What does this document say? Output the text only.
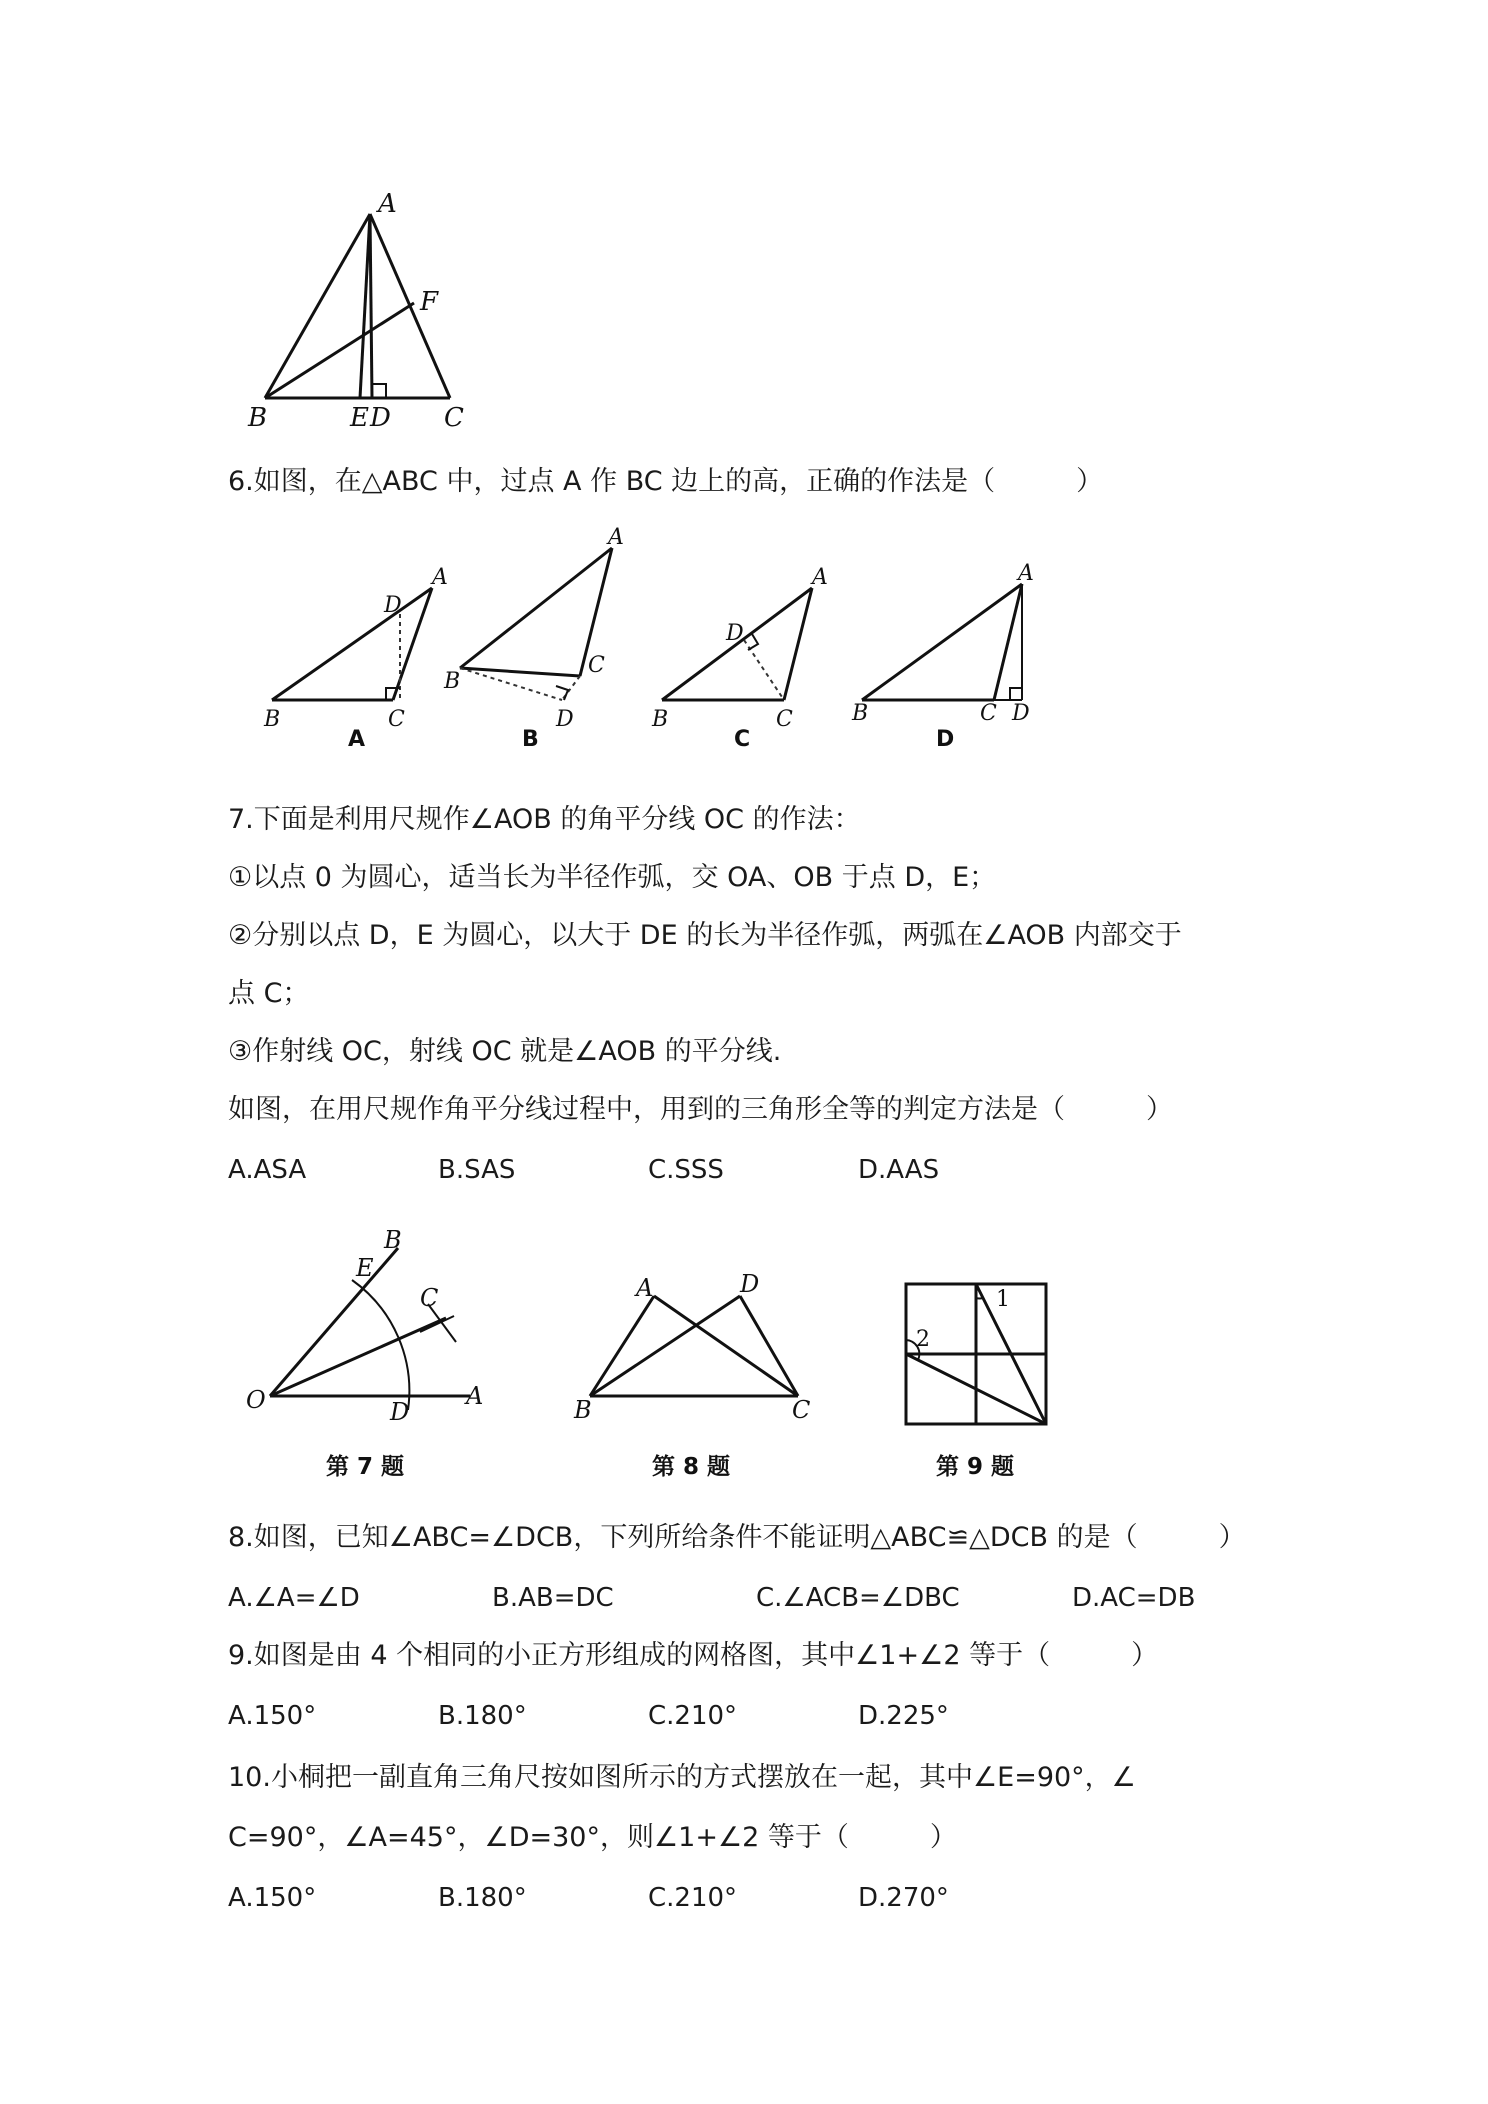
A
F
B	E D C
6.如图，在△ABC 中，过点 A 作 BC 边上的高，正确的作法是（　　　）
A
D
B	C
A
A
B
C
D
B
A
D
B	C
C
A
B	C D
D
7.下面是利用尺规作∠AOB 的角平分线 OC 的作法：
①以点 0 为圆心，适当长为半径作弧，交 OA、OB 于点 D，E；
②分别以点 D，E 为圆心，以大于 DE 的长为半径作弧，两弧在∠AOB 内部交于
点 C；
③作射线 OC，射线 OC 就是∠AOB 的平分线.
如图，在用尺规作角平分线过程中，用到的三角形全等的判定方法是（　　　）
A.ASA	B.SAS	C.SSS	D.AAS
B
E
C
O	D
A
第 7 题
A	D
B	C
第 8 题
1
2
第 9 题
8.如图，已知∠ABC=∠DCB，下列所给条件不能证明△ABC≌△DCB 的是（　　　）
A.∠A=∠D	B.AB=DC	C.∠ACB=∠DBC	D.AC=DB
9.如图是由 4 个相同的小正方形组成的网格图，其中∠1+∠2 等于（　　　）
A.150°	B.180°	C.210°	D.225°
10.小桐把一副直角三角尺按如图所示的方式摆放在一起，其中∠E=90°，∠
C=90°，∠A=45°，∠D=30°，则∠1+∠2 等于（　　　）
A.150°	B.180°	C.210°	D.270°
